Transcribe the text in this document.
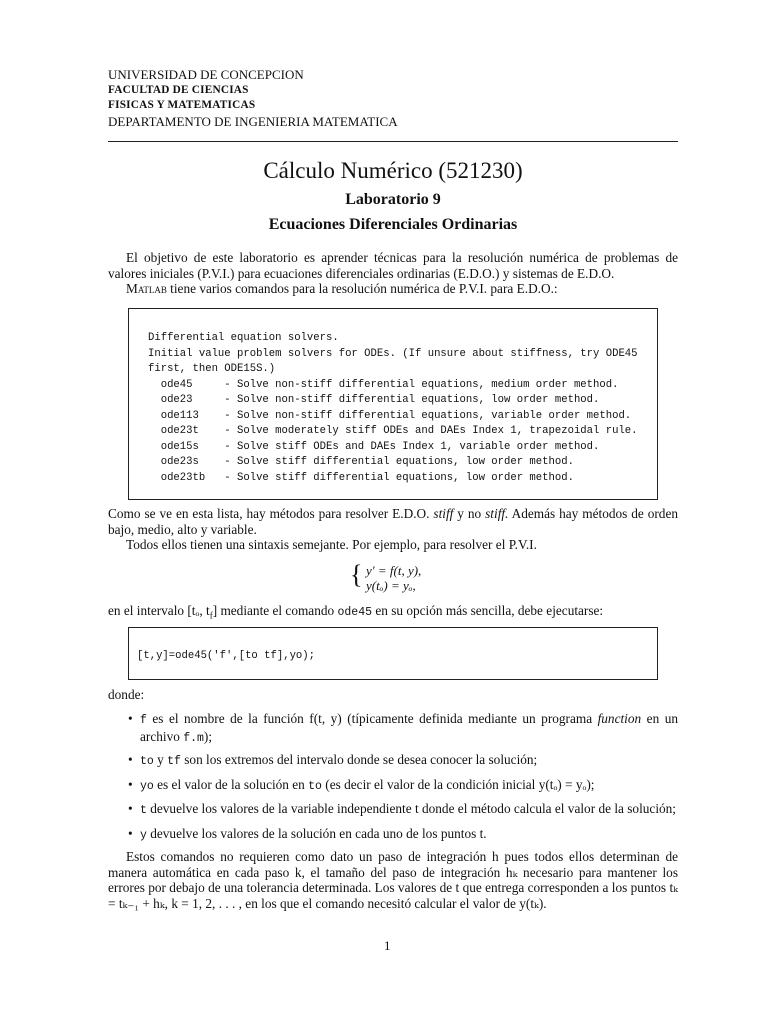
UNIVERSIDAD DE CONCEPCION
FACULTAD DE CIENCIAS
FISICAS Y MATEMATICAS
DEPARTAMENTO DE INGENIERIA MATEMATICA
Cálculo Numérico (521230)
Laboratorio 9
Ecuaciones Diferenciales Ordinarias

El objetivo de este laboratorio es aprender técnicas para la resolución numérica de problemas de valores iniciales (P.V.I.) para ecuaciones diferenciales ordinarias (E.D.O.) y sistemas de E.D.O.

Matlab tiene varios comandos para la resolución numérica de P.V.I. para E.D.O.:

Differential equation solvers.
Initial value problem solvers for ODEs. (If unsure about stiffness, try ODE45
first, then ODE15S.)
ode45     - Solve non-stiff differential equations, medium order method.
ode23     - Solve non-stiff differential equations, low order method.
ode113    - Solve non-stiff differential equations, variable order method.
ode23t    - Solve moderately stiff ODEs and DAEs Index 1, trapezoidal rule.
ode15s    - Solve stiff ODEs and DAEs Index 1, variable order method.
ode23s    - Solve stiff differential equations, low order method.
ode23tb   - Solve stiff differential equations, low order method.

Como se ve en esta lista, hay métodos para resolver E.D.O. stiff y no stiff. Además hay métodos de orden bajo, medio, alto y variable.

Todos ellos tienen una sintaxis semejante. Por ejemplo, para resolver el P.V.I.

{ y′ = f(t, y),
y(tₒ) = yₒ,
en el intervalo [tₒ, $t_f$] mediante el comando ode45 en su opción más sencilla, debe ejecutarse:
[t,y]=ode45('f',[to tf],yo);
donde:
• f es el nombre de la función f(t, y) (típicamente definida mediante un programa function en un archivo f.m);
• to y tf son los extremos del intervalo donde se desea conocer la solución;
• yo es el valor de la solución en to (es decir el valor de la condición inicial y(tₒ) = yₒ);
• t devuelve los valores de la variable independiente t donde el método calcula el valor de la solución;
• y devuelve los valores de la solución en cada uno de los puntos t.

Estos comandos no requieren como dato un paso de integración h pues todos ellos determinan de manera automática en cada paso k, el tamaño del paso de integración hₖ necesario para mantener los errores por debajo de una tolerancia determinada. Los valores de t que entrega corresponden a los puntos tₖ = tₖ₋₁ + hₖ, k = 1, 2, . . . , en los que el comando necesitó calcular el valor de y(tₖ).

1
